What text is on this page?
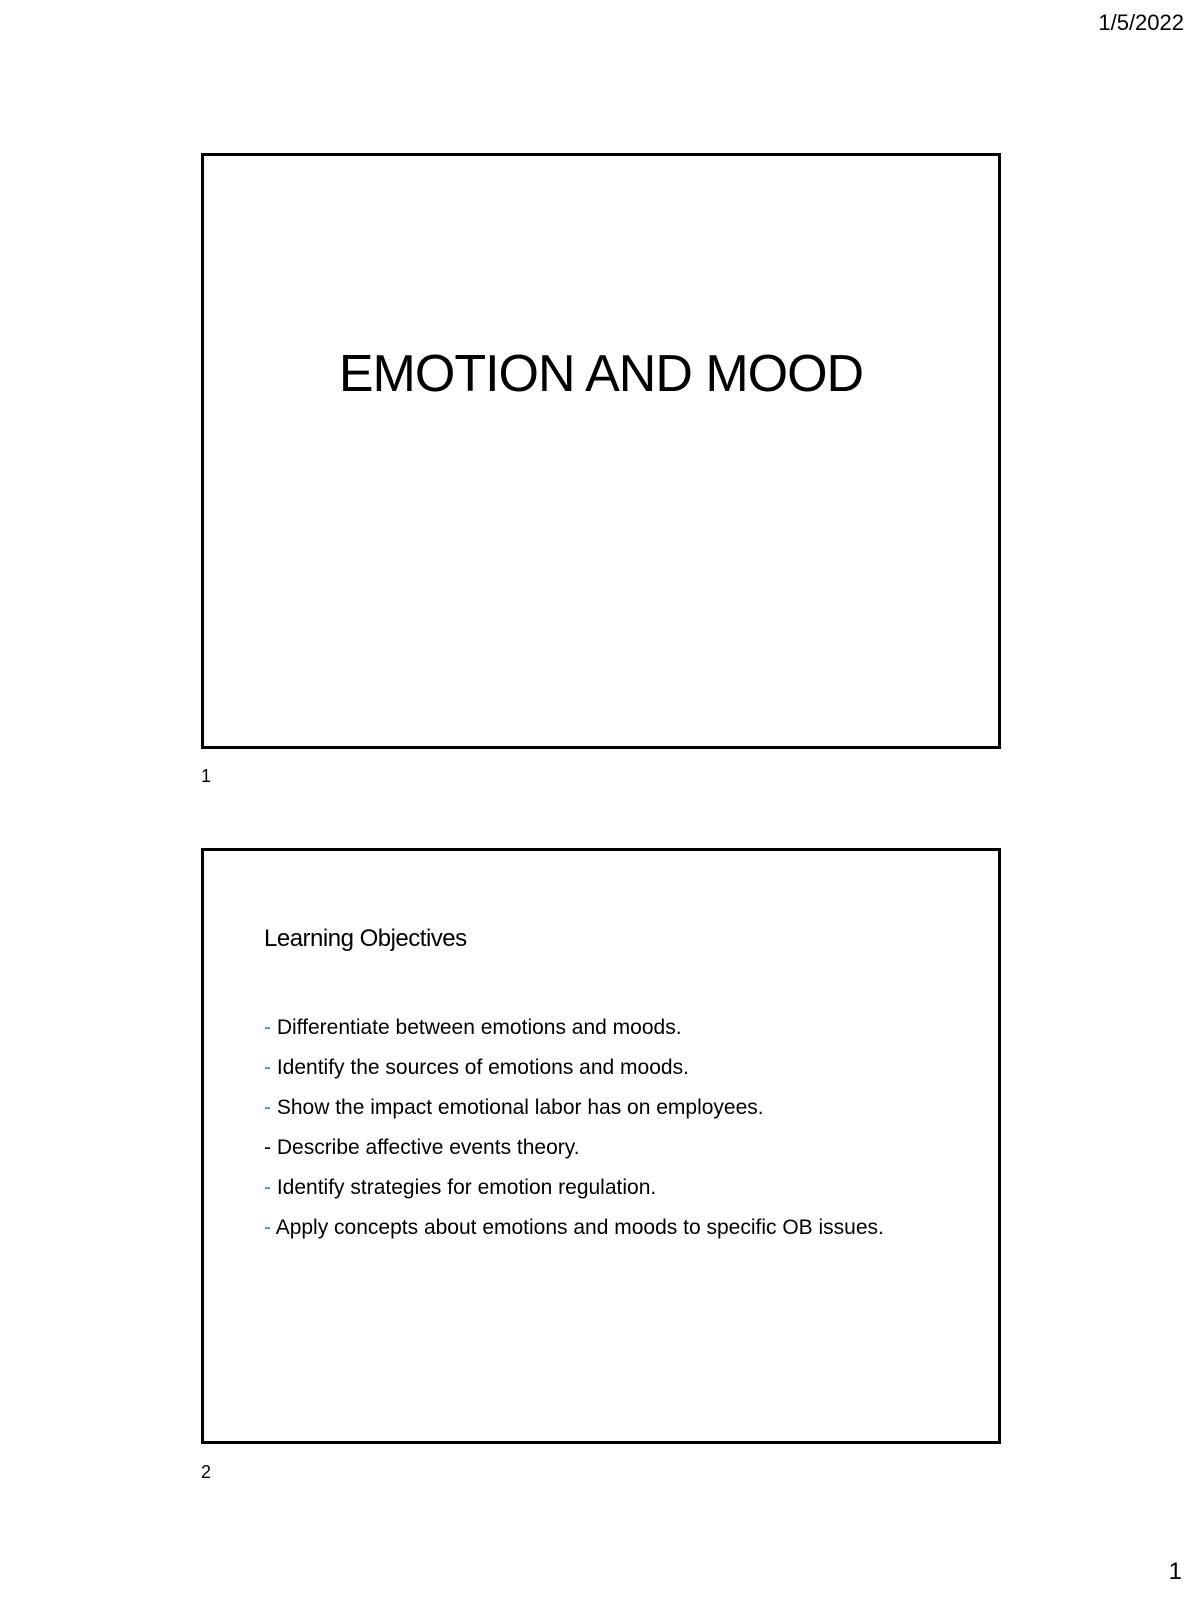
1/5/2022
EMOTION AND MOOD
1
Learning Objectives
- Differentiate between emotions and moods.
- Identify the sources of emotions and moods.
- Show the impact emotional labor has on employees.
- Describe affective events theory.
- Identify strategies for emotion regulation.
- Apply concepts about emotions and moods to specific OB issues.
2
1
